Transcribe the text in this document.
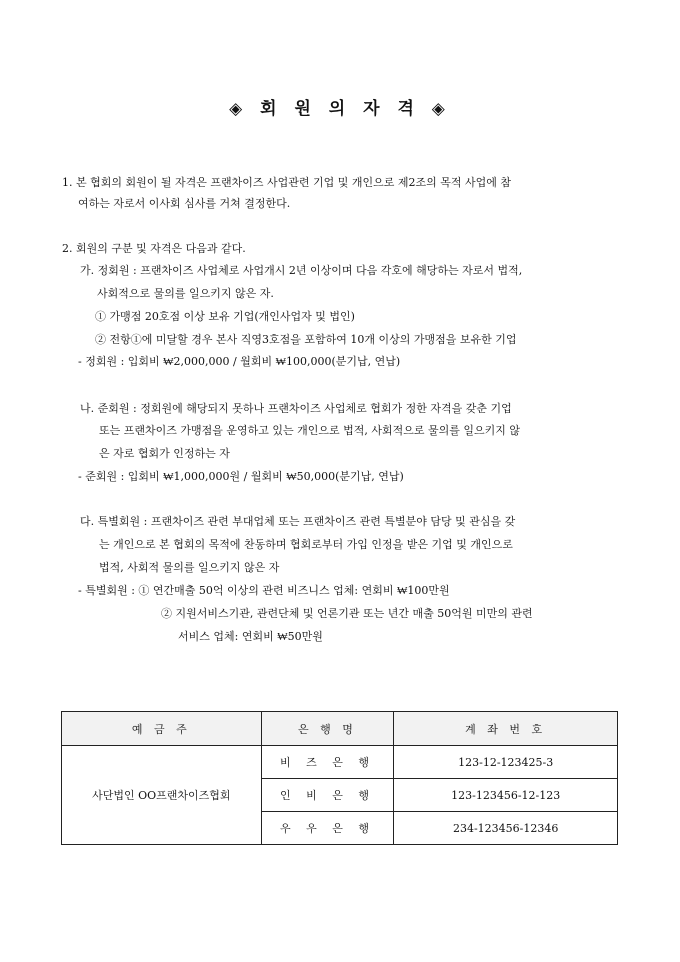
◈ 회 원 의 자 격 ◈
1. 본 협회의 회원이 될 자격은 프랜차이즈 사업관련 기업 및 개인으로 제2조의 목적 사업에 참
여하는 자로서 이사회 심사를 거쳐 결정한다.
2. 회원의 구분 및 자격은 다음과 같다.
가. 정회원 : 프랜차이즈 사업체로 사업개시 2년 이상이며 다음 각호에 해당하는 자로서 법적,
사회적으로 물의를 일으키지 않은 자.
① 가맹점 20호점 이상 보유 기업(개인사업자 및 법인)
② 전항①에 미달할 경우 본사 직영3호점을 포함하여 10개 이상의 가맹점을 보유한 기업
- 정회원 : 입회비 ₩2,000,000 / 월회비 ₩100,000(분기납, 연납)
나. 준회원 : 정회원에 해당되지 못하나 프랜차이즈 사업체로 협회가 정한 자격을 갖춘 기업
또는 프랜차이즈 가맹점을 운영하고 있는 개인으로 법적, 사회적으로 물의를 일으키지 않
은 자로 협회가 인정하는 자
- 준회원 : 입회비 ₩1,000,000원 / 월회비 ₩50,000(분기납, 연납)
다. 특별회원 : 프랜차이즈 관련 부대업체 또는 프랜차이즈 관련 특별분야 담당 및 관심을 갖
는 개인으로 본 협회의 목적에 찬동하며 협회로부터 가입 인정을 받은 기업 및 개인으로
법적, 사회적 물의를 일으키지 않은 자
- 특별회원 : ① 연간매출 50억 이상의 관련 비즈니스 업체: 연회비 ₩100만원
② 지원서비스기관, 관련단체 및 언론기관 또는 년간 매출 50억원 미만의 관련
서비스 업체: 연회비 ₩50만원
예 금 주	은 행 명	계 좌 번 호
사단법인 OO프랜차이즈협회	비 즈 은 행	123-12-123425-3
	인 비 은 행	123-123456-12-123
	우 우 은 행	234-123456-12346
